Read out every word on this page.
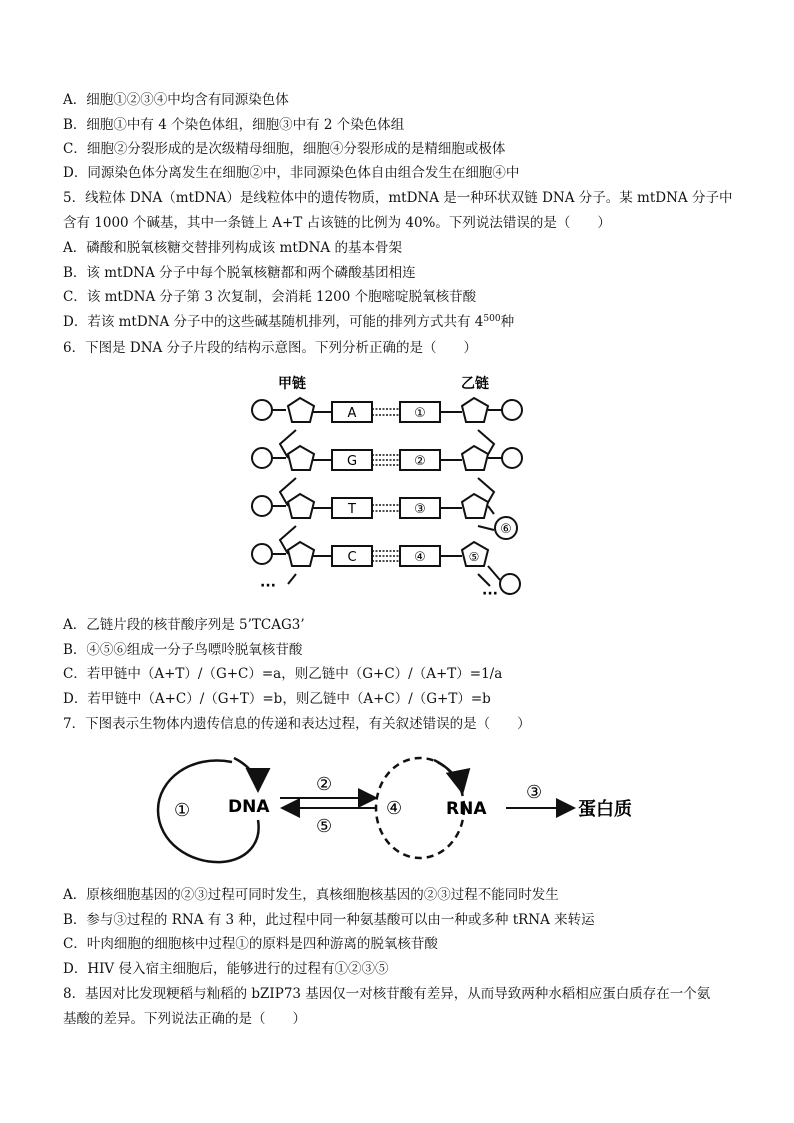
A．细胞①②③④中均含有同源染色体
B．细胞①中有 4 个染色体组，细胞③中有 2 个染色体组
C．细胞②分裂形成的是次级精母细胞，细胞④分裂形成的是精细胞或极体
D．同源染色体分离发生在细胞②中，非同源染色体自由组合发生在细胞④中
5．线粒体 DNA（mtDNA）是线粒体中的遗传物质，mtDNA 是一种环状双链 DNA 分子。某 mtDNA 分子中
含有 1000 个碱基，其中一条链上 A+T 占该链的比例为 40%。下列说法错误的是（　　）
A．磷酸和脱氧核糖交替排列构成该 mtDNA 的基本骨架
B．该 mtDNA 分子中每个脱氧核糖都和两个磷酸基团相连
C．该 mtDNA 分子第 3 次复制，会消耗 1200 个胞嘧啶脱氧核苷酸
D．若该 mtDNA 分子中的这些碱基随机排列，可能的排列方式共有 $4^{500}$种
6．下图是 DNA 分子片段的结构示意图。下列分析正确的是（　　）
甲链	乙链
A	①
G	②
T	③
⑥
C	④	⑤
···	···
A．乙链片段的核苷酸序列是 5’TCAG3’
B．④⑤⑥组成一分子鸟嘌呤脱氧核苷酸
C．若甲链中（A+T）/（G+C）=a，则乙链中（G+C）/（A+T）=1/a
D．若甲链中（A+C）/（G+T）=b，则乙链中（A+C）/（G+T）=b
7．下图表示生物体内遗传信息的传递和表达过程，有关叙述错误的是（　　）
① DNA
②
⑤
④	RNA
③
蛋白质
A．原核细胞基因的②③过程可同时发生，真核细胞核基因的②③过程不能同时发生
B．参与③过程的 RNA 有 3 种，此过程中同一种氨基酸可以由一种或多种 tRNA 来转运
C．叶肉细胞的细胞核中过程①的原料是四种游离的脱氧核苷酸
D．HIV 侵入宿主细胞后，能够进行的过程有①②③⑤
8．基因对比发现粳稻与籼稻的 bZIP73 基因仅一对核苷酸有差异，从而导致两种水稻相应蛋白质存在一个氨
基酸的差异。下列说法正确的是（　　）
